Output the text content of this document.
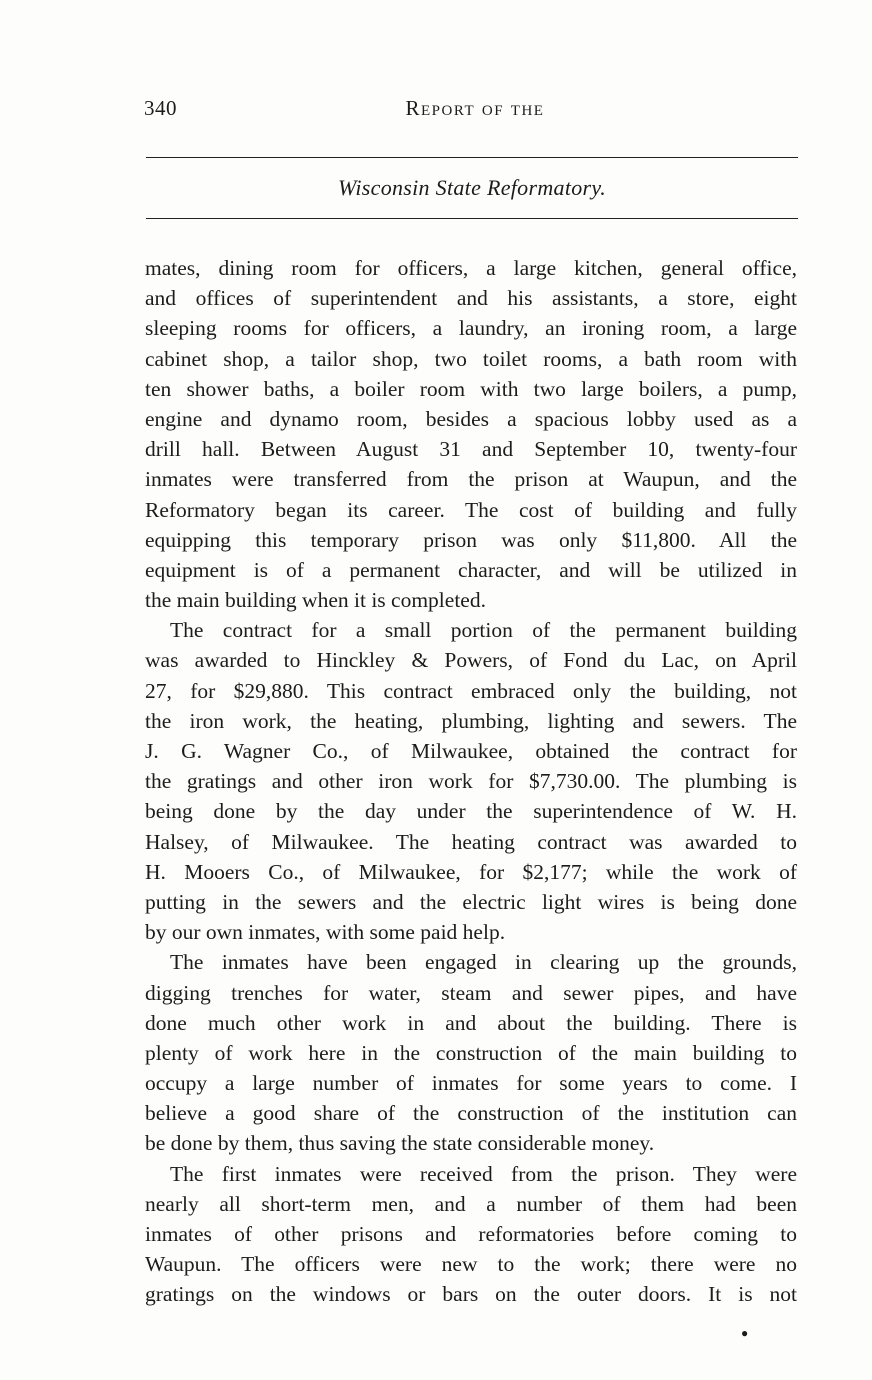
340	Report of the
Wisconsin State Reformatory.
mates, dining room for officers, a large kitchen, general office,
and offices of superintendent and his assistants, a store, eight
sleeping rooms for officers, a laundry, an ironing room, a large
cabinet shop, a tailor shop, two toilet rooms, a bath room with
ten shower baths, a boiler room with two large boilers, a pump,
engine and dynamo room, besides a spacious lobby used as a
drill hall. Between August 31 and September 10, twenty-four
inmates were transferred from the prison at Waupun, and the
Reformatory began its career. The cost of building and fully
equipping this temporary prison was only $11,800. All the
equipment is of a permanent character, and will be utilized in
the main building when it is completed.
The contract for a small portion of the permanent building
was awarded to Hinckley & Powers, of Fond du Lac, on April
27, for $29,880. This contract embraced only the building, not
the iron work, the heating, plumbing, lighting and sewers. The
J. G. Wagner Co., of Milwaukee, obtained the contract for
the gratings and other iron work for $7,730.00. The plumbing is
being done by the day under the superintendence of W. H.
Halsey, of Milwaukee. The heating contract was awarded to
H. Mooers Co., of Milwaukee, for $2,177; while the work of
putting in the sewers and the electric light wires is being done
by our own inmates, with some paid help.
The inmates have been engaged in clearing up the grounds,
digging trenches for water, steam and sewer pipes, and have
done much other work in and about the building. There is
plenty of work here in the construction of the main building to
occupy a large number of inmates for some years to come. I
believe a good share of the construction of the institution can
be done by them, thus saving the state considerable money.
The first inmates were received from the prison. They were
nearly all short-term men, and a number of them had been
inmates of other prisons and reformatories before coming to
Waupun. The officers were new to the work; there were no
gratings on the windows or bars on the outer doors. It is not
●
